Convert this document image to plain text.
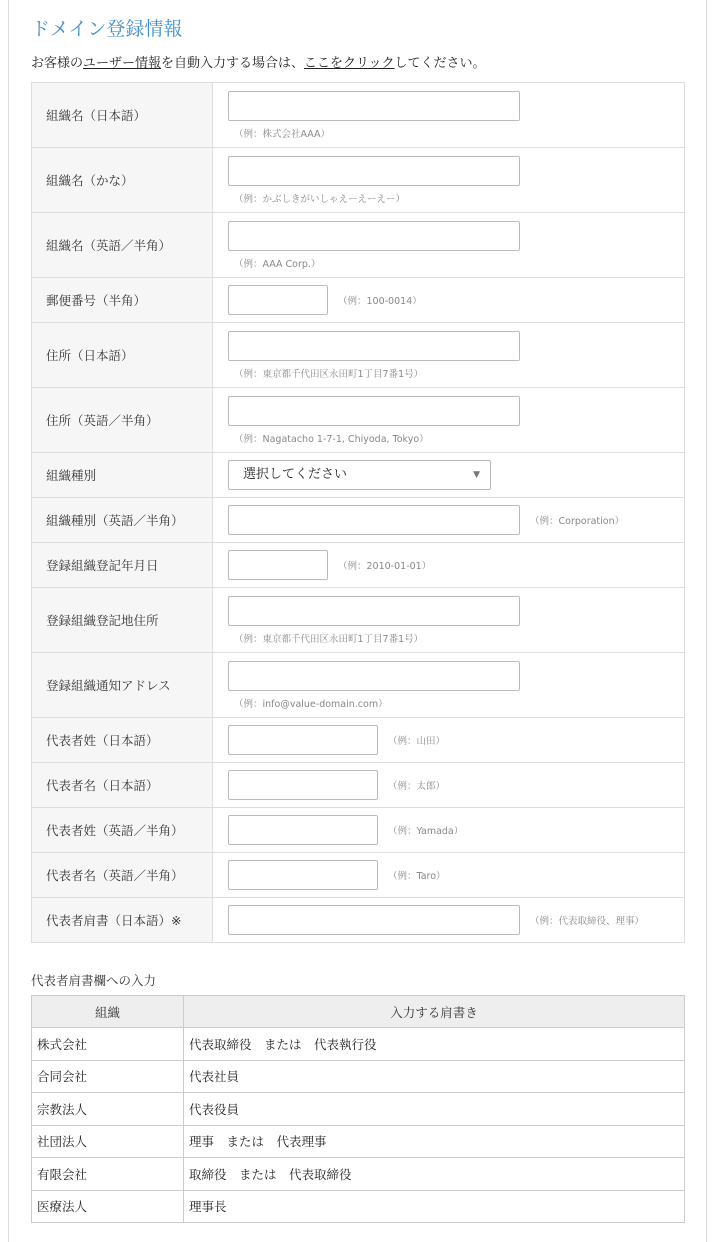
ドメイン登録情報
お客様のユーザー情報を自動入力する場合は、ここをクリックしてください。
組織名（日本語）	（例：株式会社AAA）

組織名（かな）	（例：かぶしきがいしゃえーえーえー）

組織名（英語／半角）	（例：AAA Corp.）

郵便番号（半角）	（例：100-0014）
住所（日本語）	（例：東京都千代田区永田町1丁目7番1号）

住所（英語／半角）	（例：Nagatacho 1-7-1, Chiyoda, Tokyo）

組織種別	選択してください ▼

組織種別（英語／半角）	（例：Corporation）
登録組織登記年月日	（例：2010-01-01）
登録組織登記地住所	（例：東京都千代田区永田町1丁目7番1号）

登録組織通知アドレス	（例：info@value-domain.com）

代表者姓（日本語）	（例：山田）
代表者名（日本語）	（例：太郎）
代表者姓（英語／半角）	（例：Yamada）
代表者名（英語／半角）	（例：Taro）
代表者肩書（日本語）※	（例：代表取締役、理事）
代表者肩書欄への入力
組織	入力する肩書き
株式会社	代表取締役　または　代表執行役
合同会社	代表社員
宗教法人	代表役員
社団法人	理事　または　代表理事
有限会社	取締役　または　代表取締役
医療法人	理事長
